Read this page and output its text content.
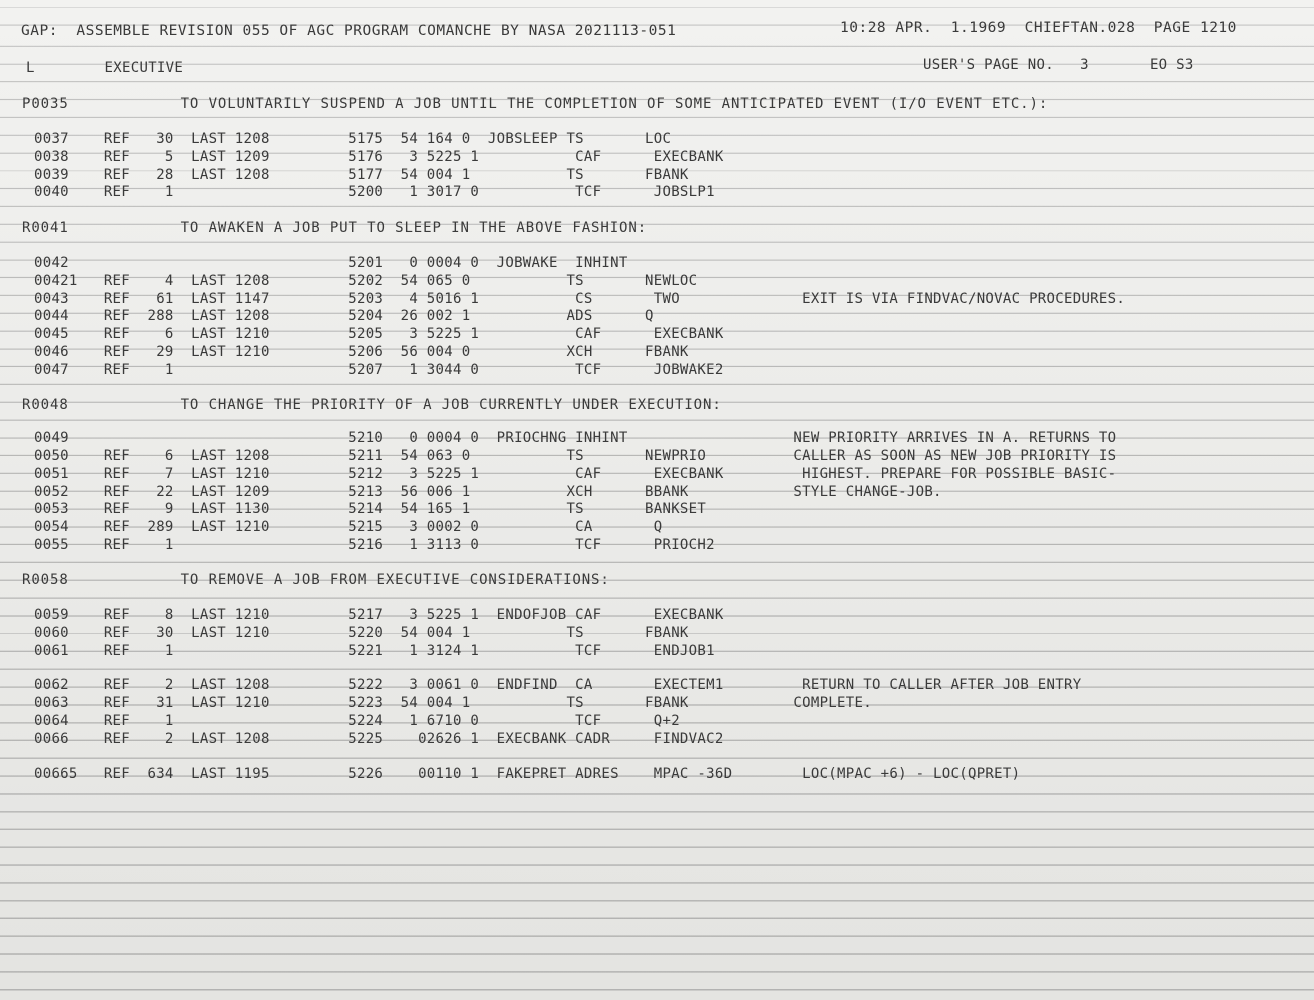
GAP:  ASSEMBLE REVISION 055 OF AGC PROGRAM COMANCHE BY NASA 2021113-051	10:28 APR.  1.1969  CHIEFTAN.028  PAGE 1210
L        EXECUTIVE	USER'S PAGE NO.   3       EO S3
P0035            TO VOLUNTARILY SUSPEND A JOB UNTIL THE COMPLETION OF SOME ANTICIPATED EVENT (I/O EVENT ETC.):
0037    REF   30  LAST 1208         5175  54 164 0  JOBSLEEP TS       LOC
0038    REF    5  LAST 1209         5176   3 5225 1           CAF      EXECBANK
0039    REF   28  LAST 1208         5177  54 004 1           TS       FBANK
0040    REF    1                    5200   1 3017 0           TCF      JOBSLP1
R0041            TO AWAKEN A JOB PUT TO SLEEP IN THE ABOVE FASHION:
0042                                5201   0 0004 0  JOBWAKE  INHINT
00421   REF    4  LAST 1208         5202  54 065 0           TS       NEWLOC
0043    REF   61  LAST 1147         5203   4 5016 1           CS       TWO              EXIT IS VIA FINDVAC/NOVAC PROCEDURES.
0044    REF  288  LAST 1208         5204  26 002 1           ADS      Q
0045    REF    6  LAST 1210         5205   3 5225 1           CAF      EXECBANK
0046    REF   29  LAST 1210         5206  56 004 0           XCH      FBANK
0047    REF    1                    5207   1 3044 0           TCF      JOBWAKE2
R0048            TO CHANGE THE PRIORITY OF A JOB CURRENTLY UNDER EXECUTION:
0049                                5210   0 0004 0  PRIOCHNG INHINT                   NEW PRIORITY ARRIVES IN A. RETURNS TO
0050    REF    6  LAST 1208         5211  54 063 0           TS       NEWPRIO          CALLER AS SOON AS NEW JOB PRIORITY IS
0051    REF    7  LAST 1210         5212   3 5225 1           CAF      EXECBANK         HIGHEST. PREPARE FOR POSSIBLE BASIC-
0052    REF   22  LAST 1209         5213  56 006 1           XCH      BBANK            STYLE CHANGE-JOB.
0053    REF    9  LAST 1130         5214  54 165 1           TS       BANKSET
0054    REF  289  LAST 1210         5215   3 0002 0           CA       Q
0055    REF    1                    5216   1 3113 0           TCF      PRIOCH2
R0058            TO REMOVE A JOB FROM EXECUTIVE CONSIDERATIONS:
0059    REF    8  LAST 1210         5217   3 5225 1  ENDOFJOB CAF      EXECBANK
0060    REF   30  LAST 1210         5220  54 004 1           TS       FBANK
0061    REF    1                    5221   1 3124 1           TCF      ENDJOB1
0062    REF    2  LAST 1208         5222   3 0061 0  ENDFIND  CA       EXECTEM1         RETURN TO CALLER AFTER JOB ENTRY
0063    REF   31  LAST 1210         5223  54 004 1           TS       FBANK            COMPLETE.
0064    REF    1                    5224   1 6710 0           TCF      Q+2
0066    REF    2  LAST 1208         5225    02626 1  EXECBANK CADR     FINDVAC2
00665   REF  634  LAST 1195         5226    00110 1  FAKEPRET ADRES    MPAC -36D        LOC(MPAC +6) - LOC(QPRET)
